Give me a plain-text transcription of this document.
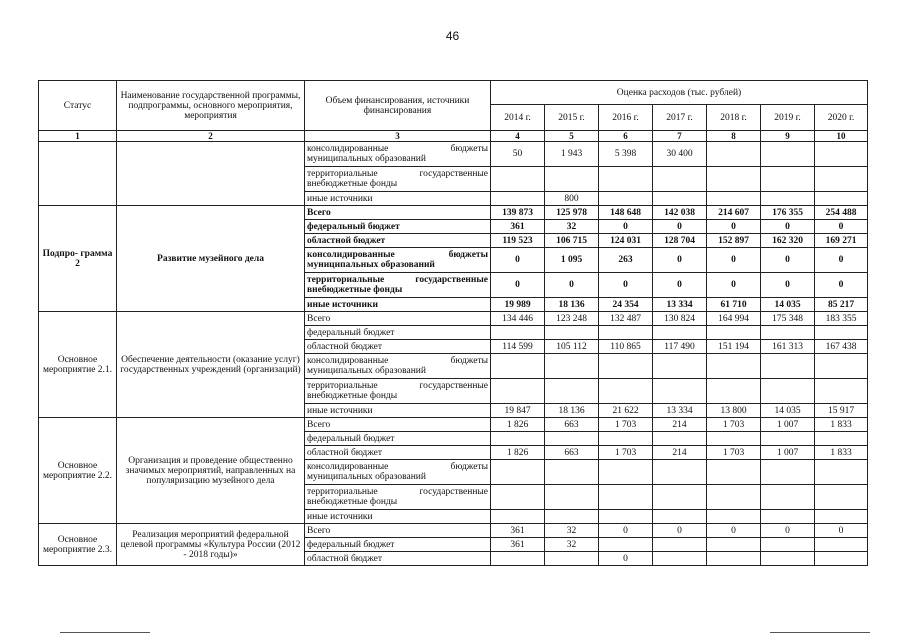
46
Статус	Наименование государственной программы, подпрограммы, основного мероприятия, мероприятия	Объем финансирования, источники финансирования	Оценка расходов (тыс. рублей)						
			2014 г.	2015 г.	2016 г.	2017 г.	2018 г.	2019 г.	2020 г.
1	2	3	4	5	6	7	8	9	10
		консолидированные бюджеты муниципальных образований	50	1 943	5 398	30 400			
		территориальные государственные внебюджетные фонды							
		иные источники		800					
Подпро- грамма 2	Развитие музейного дела	Всего	139 873	125 978	148 648	142 038	214 607	176 355	254 488
		федеральный бюджет	361	32	0	0	0	0	0
		областной бюджет	119 523	106 715	124 031	128 704	152 897	162 320	169 271
		консолидированные бюджеты муниципальных образований	0	1 095	263	0	0	0	0
		территориальные государственные внебюджетные фонды	0	0	0	0	0	0	0
		иные источники	19 989	18 136	24 354	13 334	61 710	14 035	85 217
Основное мероприятие 2.1.	Обеспечение деятельности (оказание услуг) государственных учреждений (организаций)	Всего	134 446	123 248	132 487	130 824	164 994	175 348	183 355
		федеральный бюджет							
		областной бюджет	114 599	105 112	110 865	117 490	151 194	161 313	167 438
		консолидированные бюджеты муниципальных образований							
		территориальные государственные внебюджетные фонды							
		иные источники	19 847	18 136	21 622	13 334	13 800	14 035	15 917
Основное мероприятие 2.2.	Организация и проведение общественно значимых мероприятий, направленных на популяризацию музейного дела	Всего	1 826	663	1 703	214	1 703	1 007	1 833
		федеральный бюджет							
		областной бюджет	1 826	663	1 703	214	1 703	1 007	1 833
		консолидированные бюджеты муниципальных образований							
		территориальные государственные внебюджетные фонды							
		иные источники							
Основное мероприятие 2.3.	Реализация мероприятий федеральной целевой программы «Культура России (2012 - 2018 годы)»	Всего	361	32	0	0	0	0	0
		федеральный бюджет	361	32					
		областной бюджет			0				
